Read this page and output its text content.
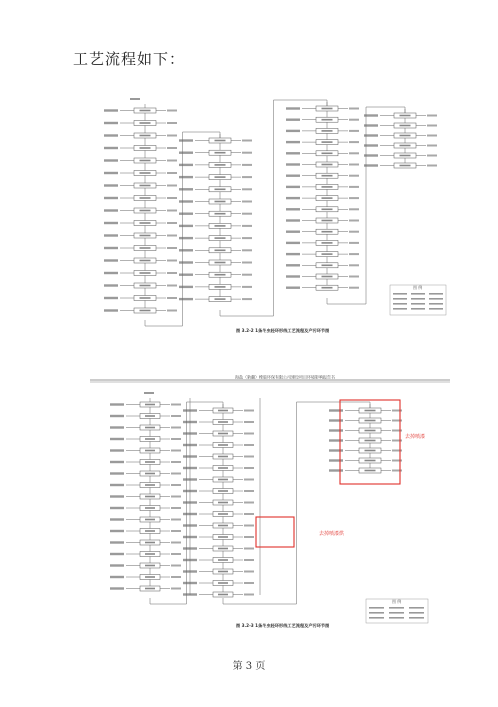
工艺流程如下：
图 3.2-2 1条冬虫轻环形线工艺流程及产污环节图
图 例
海盐（新疆）橡胶环保有限公司建设项目环境影响报告书
去掉喷漆
去掉喷漆烘
图 3.2-3 1条冬虫轻环形线工艺流程及产污环节图
图 例
第 3 页
